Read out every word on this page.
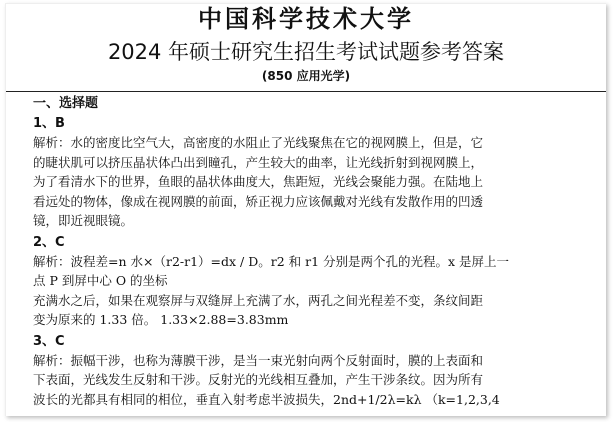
中国科学技术大学
2024 年硕士研究生招生考试试题参考答案
(850 应用光学)
一、选择题
1、B
解析：水的密度比空气大，高密度的水阻止了光线聚焦在它的视网膜上，但是，它
的睫状肌可以挤压晶状体凸出到瞳孔，产生较大的曲率，让光线折射到视网膜上，
为了看清水下的世界，鱼眼的晶状体曲度大，焦距短，光线会聚能力强。在陆地上
看远处的物体，像成在视网膜的前面，矫正视力应该佩戴对光线有发散作用的凹透
镜，即近视眼镜。
2、C
解析：波程差=n 水×（r2-r1）=dx / D。r2 和 r1 分别是两个孔的光程。x 是屏上一
点 P 到屏中心 O 的坐标
充满水之后，如果在观察屏与双缝屏上充满了水，两孔之间光程差不变，条纹间距
变为原来的 1.33 倍。 1.33×2.88=3.83mm
3、C
解析：振幅干涉，也称为薄膜干涉，是当一束光射向两个反射面时，膜的上表面和
下表面，光线发生反射和干涉。反射光的光线相互叠加，产生干涉条纹。因为所有
波长的光都具有相同的相位，垂直入射考虑半波损失，2nd+1/2λ=kλ （k=1,2,3,4
